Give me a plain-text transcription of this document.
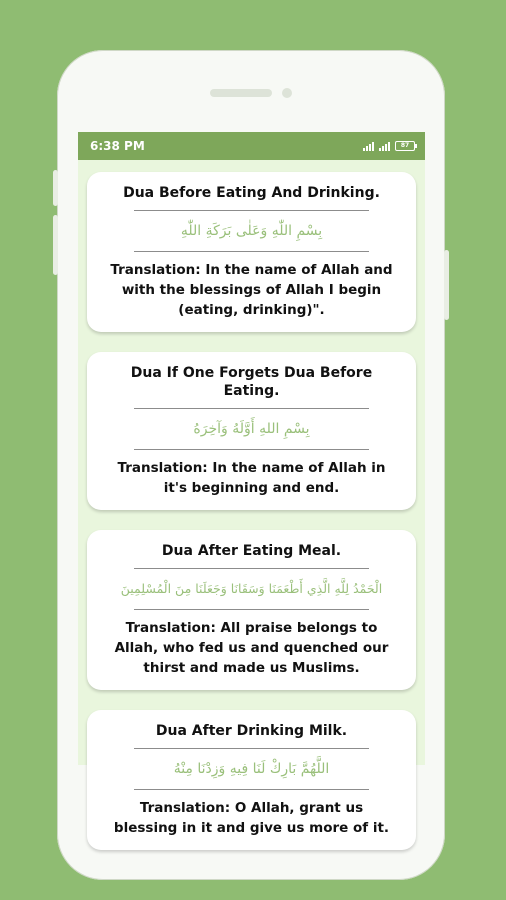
6:38 PM	87
Dua Before Eating And Drinking.
بِسْمِ اللّٰهِ وَعَلٰى بَرَكَةِ اللّٰهِ
Translation: In the name of Allah and with the blessings of Allah I begin (eating, drinking)".
Dua If One Forgets Dua Before Eating.
بِسْمِ اللهِ أَوَّلَهُ وَآخِرَهُ
Translation: In the name of Allah in it's beginning and end.
Dua After Eating Meal.
الْحَمْدُ لِلَّهِ الَّذِي أَطْعَمَنَا وَسَقَانَا وَجَعَلَنَا مِنَ الْمُسْلِمِينَ
Translation: All praise belongs to Allah, who fed us and quenched our thirst and made us Muslims.
Dua After Drinking Milk.
اللَّهُمَّ بَارِكْ لَنَا فِيهِ وَزِدْنَا مِنْهُ
Translation: O Allah, grant us blessing in it and give us more of it.
